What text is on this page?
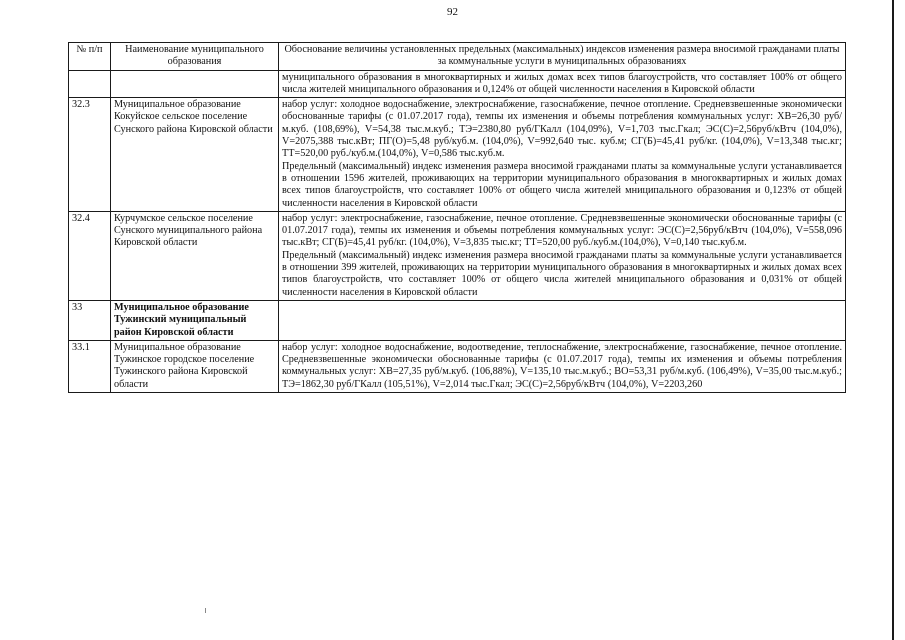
92
№ п/п	Наименование муниципального образования	Обоснование величины установленных предельных (максимальных) индексов изменения размера вносимой гражданами платы за коммунальные услуги в муниципальных образованиях

		муниципального образования в многоквартирных и жилых домах всех типов благоустройств, что составляет 100% от общего числа жителей мниципального образования и 0,124% от общей численности населения в Кировской области

32.3	Муниципальное образование Кокуйское сельское поселение Сунского района Кировской области	набор услуг: холодное водоснабжение, электроснабжение, газоснабжение, печное отопление. Средневзвешенные экономически обоснованные тарифы (с 01.07.2017 года), темпы их изменения и объемы потребления коммунальных услуг: ХВ=26,30 руб/м.куб. (108,69%), V=54,38 тыс.м.куб.; ТЭ=2380,80 руб/ГКалл (104,09%), V=1,703 тыс.Гкал; ЭС(С)=2,56руб/кВтч (104,0%), V=2075,388 тыс.кВт; ПГ(О)=5,48 руб/куб.м. (104,0%), V=992,640 тыс. куб.м; СГ(Б)=45,41 руб/кг. (104,0%), V=13,348 тыс.кг; ТТ=520,00 руб./куб.м.(104,0%), V=0,586 тыс.куб.м.

Предельный (максимальный) индекс изменения размера вносимой гражданами платы за коммунальные услуги устанавливается в отношении 1596 жителей, проживающих на территории муниципального образования в многоквартирных и жилых домах всех типов благоустройств, что составляет 100% от общего числа жителей мниципального образования и 0,123% от общей численности населения в Кировской области

32.4	Курчумское сельское поселение Сунского муниципального района Кировской области	набор услуг: электроснабжение, газоснабжение, печное отопление. Средневзвешенные экономически обоснованные тарифы (с 01.07.2017 года), темпы их изменения и объемы потребления коммунальных услуг: ЭС(С)=2,56руб/кВтч (104,0%), V=558,096 тыс.кВт; СГ(Б)=45,41 руб/кг. (104,0%), V=3,835 тыс.кг; ТТ=520,00 руб./куб.м.(104,0%), V=0,140 тыс.куб.м.

Предельный (максимальный) индекс изменения размера вносимой гражданами платы за коммунальные услуги устанавливается в отношении 399 жителей, проживающих на территории муниципального образования в многоквартирных и жилых домах всех типов благоустройств, что составляет 100% от общего числа жителей мниципального образования и 0,031% от общей численности населения в Кировской области

33	Муниципальное образование Тужинский муниципальный район Кировской области	

33.1	Муниципальное образование Тужинское городское поселение Тужинского района Кировской области	набор услуг: холодное водоснабжение, водоотведение, теплоснабжение, электроснабжение, газоснабжение, печное отопление. Средневзвешенные экономически обоснованные тарифы (с 01.07.2017 года), темпы их изменения и объемы потребления коммунальных услуг: ХВ=27,35 руб/м.куб. (106,88%), V=135,10 тыс.м.куб.; ВО=53,31 руб/м.куб. (106,49%), V=35,00 тыс.м.куб.; ТЭ=1862,30 руб/ГКалл (105,51%), V=2,014 тыс.Гкал; ЭС(С)=2,56руб/кВтч (104,0%), V=2203,260
